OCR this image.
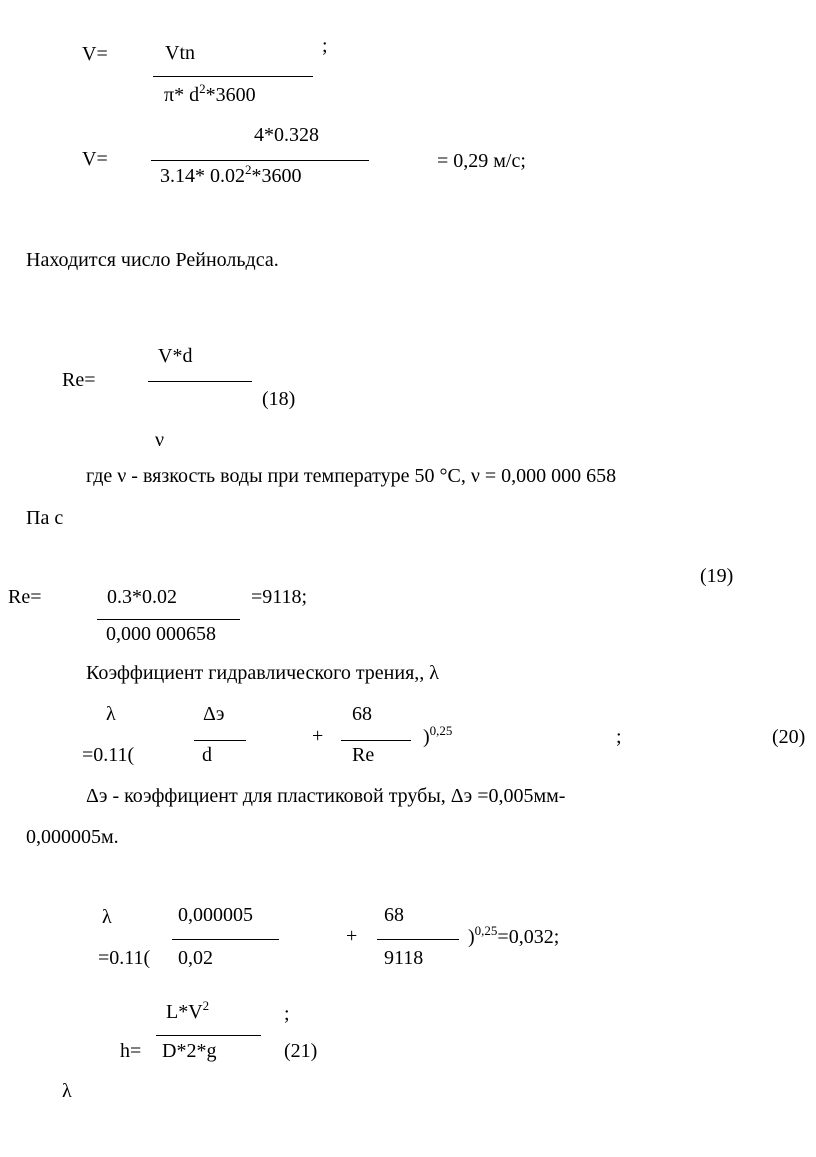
V=	Vtn	;
π* $d^2*3600$
4*0.328
V=	= 0,29 м/с;
3.14* 0.02$^2$*3600
Находится число Рейнольдса.
V*d
Re=
(18)
ν
где ν - вязкость воды при температуре 50 °С, ν = 0,000 000 658
Па с
(19)
Re=	0.3*0.02	=9118;
0,000 000658
Коэффициент гидравлического трения,, λ
λ	Δэ	68
+	)$^{0,25}$	;	(20)
=0.11(	d	Re
Δэ - коэффициент для пластиковой трубы, Δэ =0,005мм-
0,000005м.
λ	0,000005	68
+	)$^{0,25}$=0,032;
=0.11( 0,02	9118
$L*V^2$	;
h= D*2*g	(21)
λ
